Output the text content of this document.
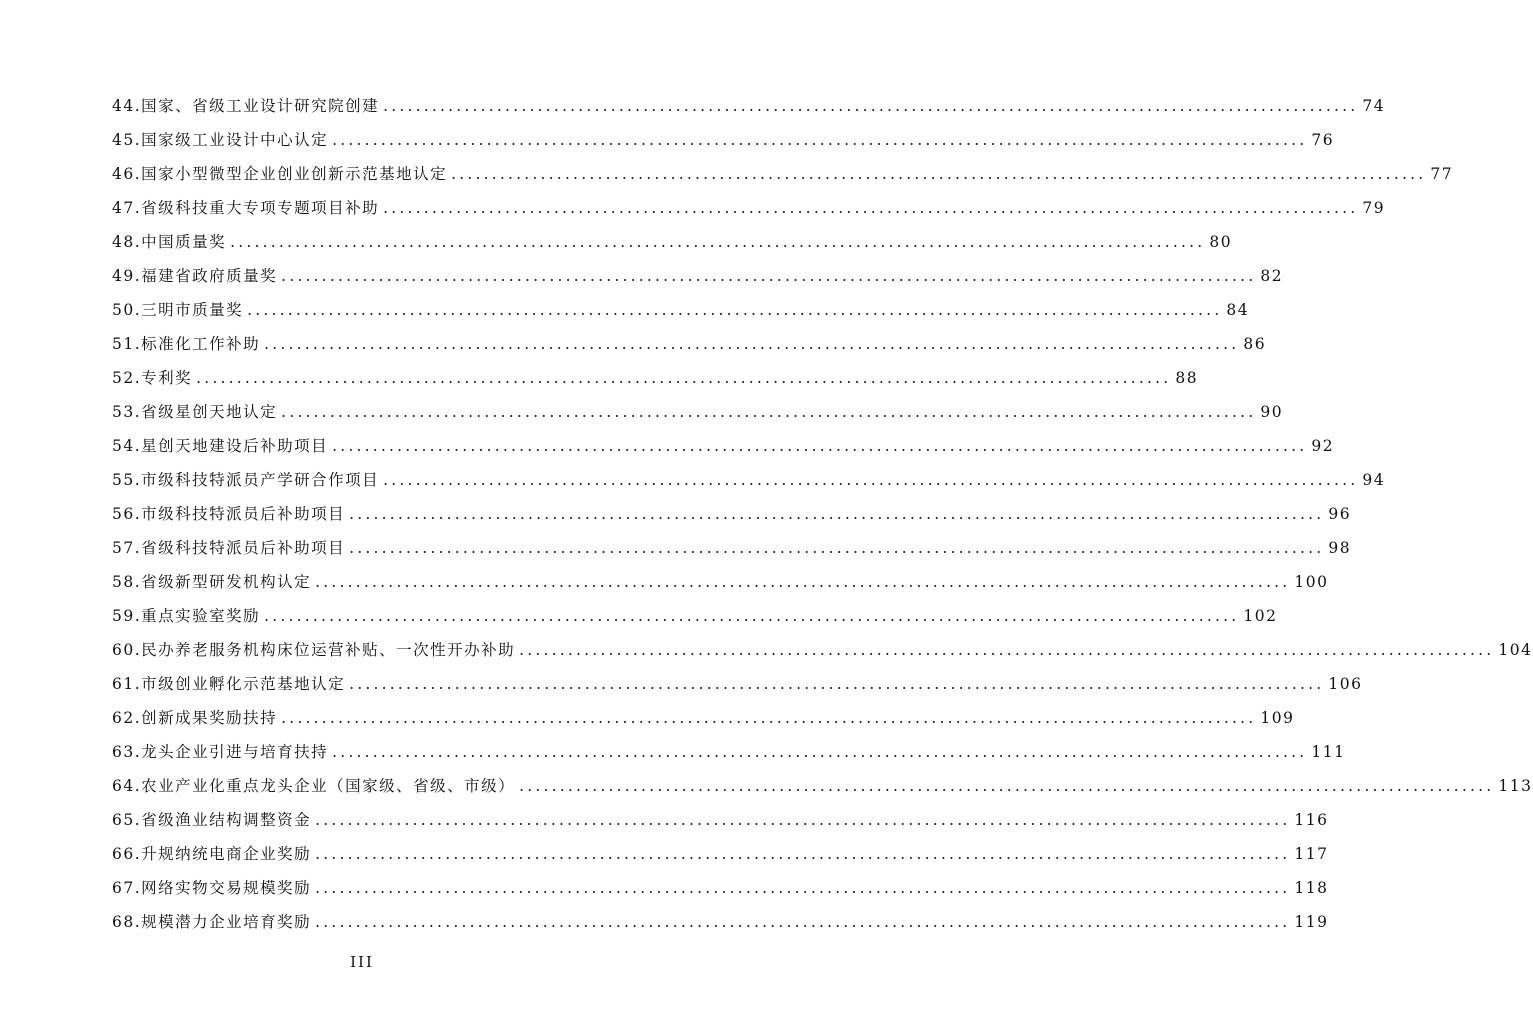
44.国家、省级工业设计研究院创建 ........................................................................................................................ 74
45.国家级工业设计中心认定 ........................................................................................................................ 76
46.国家小型微型企业创业创新示范基地认定 ........................................................................................................................ 77
47.省级科技重大专项专题项目补助 ........................................................................................................................ 79
48.中国质量奖 ........................................................................................................................ 80
49.福建省政府质量奖 ........................................................................................................................ 82
50.三明市质量奖 ........................................................................................................................ 84
51.标准化工作补助 ........................................................................................................................ 86
52.专利奖 ........................................................................................................................ 88
53.省级星创天地认定 ........................................................................................................................ 90
54.星创天地建设后补助项目 ........................................................................................................................ 92
55.市级科技特派员产学研合作项目 ........................................................................................................................ 94
56.市级科技特派员后补助项目 ........................................................................................................................ 96
57.省级科技特派员后补助项目 ........................................................................................................................ 98
58.省级新型研发机构认定 ........................................................................................................................ 100
59.重点实验室奖励 ........................................................................................................................ 102
60.民办养老服务机构床位运营补贴、一次性开办补助 ........................................................................................................................ 104
61.市级创业孵化示范基地认定 ........................................................................................................................ 106
62.创新成果奖励扶持 ........................................................................................................................ 109
63.龙头企业引进与培育扶持 ........................................................................................................................ 111
64.农业产业化重点龙头企业（国家级、省级、市级） ........................................................................................................................ 113
65.省级渔业结构调整资金 ........................................................................................................................ 116
66.升规纳统电商企业奖励 ........................................................................................................................ 117
67.网络实物交易规模奖励 ........................................................................................................................ 118
68.规模潜力企业培育奖励 ........................................................................................................................ 119
III
